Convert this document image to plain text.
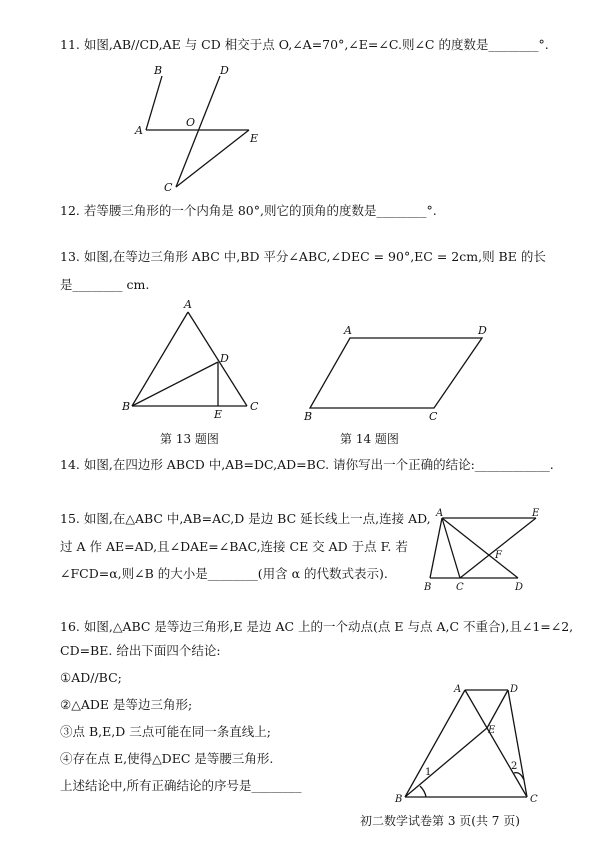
11. 如图,AB//CD,AE 与 CD 相交于点 O,∠A=70°,∠E=∠C.则∠C 的度数是________°.
B	D
A
O
E
C
12. 若等腰三角形的一个内角是 80°,则它的顶角的度数是________°.
13. 如图,在等边三角形 ABC 中,BD 平分∠ABC,∠DEC = 90°,EC = 2cm,则 BE 的长
是________ cm.
A
D
B
E
C
A	D
B	C
第 13 题图	第 14 题图
14. 如图,在四边形 ABCD 中,AB=DC,AD=BC. 请你写出一个正确的结论:____________.
15. 如图,在△ABC 中,AB=AC,D 是边 BC 延长线上一点,连接 AD,
过 A 作 AE=AD,且∠DAE=∠BAC,连接 CE 交 AD 于点 F. 若
∠FCD=α,则∠B 的大小是________(用含 α 的代数式表示).
A	E
F
B C	D
16. 如图,△ABC 是等边三角形,E 是边 AC 上的一个动点(点 E 与点 A,C 不重合),且∠1=∠2,
CD=BE. 给出下面四个结论:
①AD//BC;
②△ADE 是等边三角形;
③点 B,E,D 三点可能在同一条直线上;
④存在点 E,使得△DEC 是等腰三角形.
上述结论中,所有正确结论的序号是________
A	D
E
B	C
1
2
初二数学试卷第 3 页(共 7 页)
